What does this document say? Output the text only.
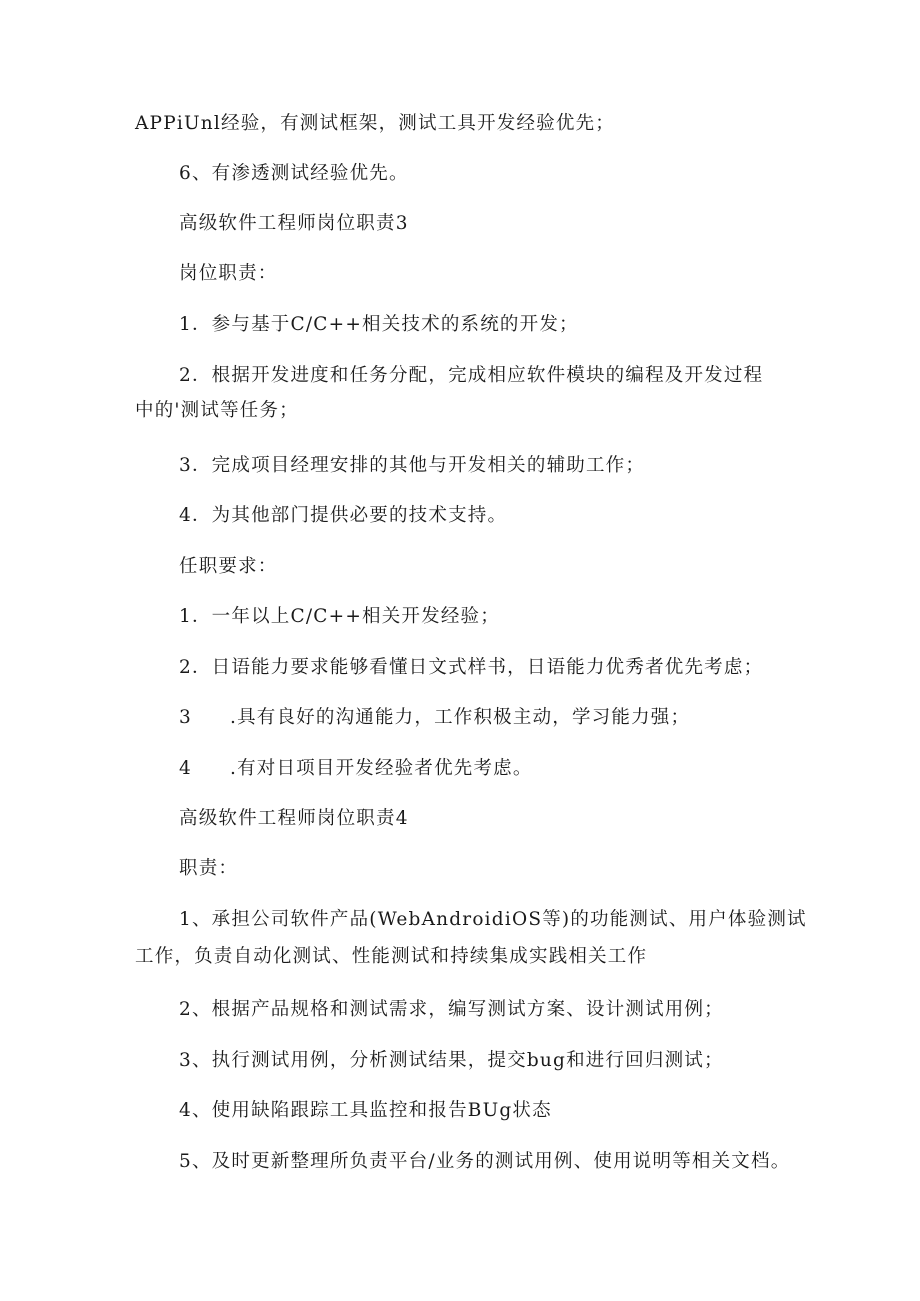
APPiUnl经验，有测试框架，测试工具开发经验优先；

6、有渗透测试经验优先。

高级软件工程师岗位职责3

岗位职责：

1．参与基于C/C++相关技术的系统的开发；

2．根据开发进度和任务分配，完成相应软件模块的编程及开发过程

中的'测试等任务；

3．完成项目经理安排的其他与开发相关的辅助工作；

4．为其他部门提供必要的技术支持。

任职要求：

1．一年以上C/C++相关开发经验；

2．日语能力要求能够看懂日文式样书，日语能力优秀者优先考虑；

3 .具有良好的沟通能力，工作积极主动，学习能力强；

4 .有对日项目开发经验者优先考虑。

高级软件工程师岗位职责4

职责：

1、承担公司软件产品(WebAndroidiOS等)的功能测试、用户体验测试

工作，负责自动化测试、性能测试和持续集成实践相关工作

2、根据产品规格和测试需求，编写测试方案、设计测试用例；

3、执行测试用例，分析测试结果，提交bug和进行回归测试；

4、使用缺陷跟踪工具监控和报告BUg状态

5、及时更新整理所负责平台/业务的测试用例、使用说明等相关文档。
